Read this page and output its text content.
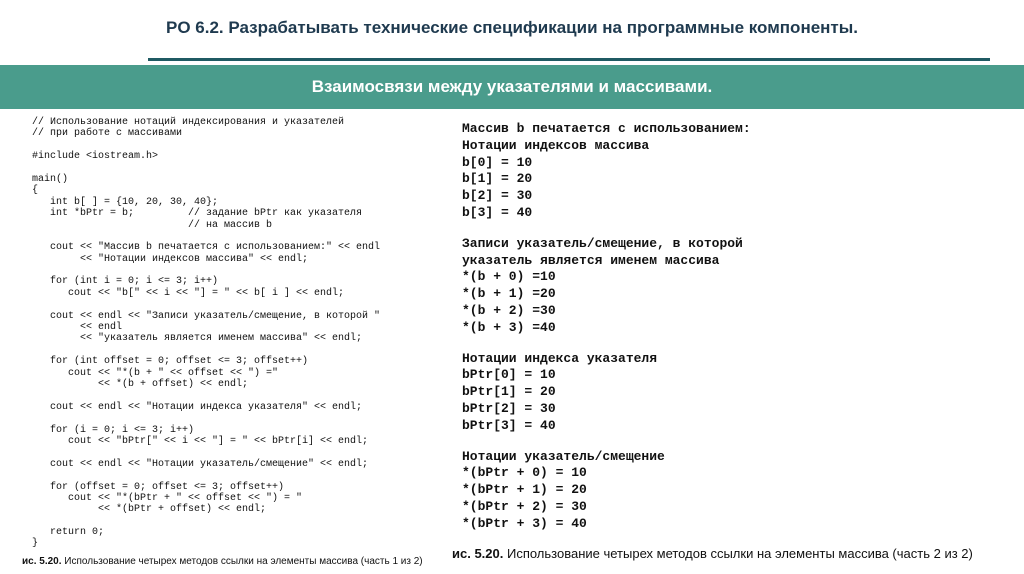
PO 6.2. Разрабатывать технические спецификации на программные компоненты.
Взаимосвязи между указателями и массивами.
// Использование нотаций индексирования и указателей
// при работе с массивами

#include <iostream.h>

main()
{
int b[ ] = {10, 20, 30, 40};
int *bPtr = b;         // задание bPtr как указателя
// на массив b

cout << "Массив b печатается с использованием:" << endl
<< "Нотации индексов массива" << endl;

for (int i = 0; i <= 3; i++)
cout << "b[" << i << "] = " << b[ i ] << endl;

cout << endl << "Записи указатель/смещение, в которой "
<< endl
<< "указатель является именем массива" << endl;

for (int offset = 0; offset <= 3; offset++)
cout << "*(b + " << offset << ") ="
<< *(b + offset) << endl;

cout << endl << "Нотации индекса указателя" << endl;

for (i = 0; i <= 3; i++)
cout << "bPtr[" << i << "] = " << bPtr[i] << endl;

cout << endl << "Нотации указатель/смещение" << endl;

for (offset = 0; offset <= 3; offset++)
cout << "*(bPtr + " << offset << ") = "
<< *(bPtr + offset) << endl;

return 0;
}
Массив b печатается с использованием:
Нотации индексов массива
b[0] = 10
b[1] = 20
b[2] = 30
b[3] = 40
Записи указатель/смещение, в которой
указатель является именем массива
*(b + 0) =10
*(b + 1) =20
*(b + 2) =30
*(b + 3) =40
Нотации индекса указателя
bPtr[0] = 10
bPtr[1] = 20
bPtr[2] = 30
bPtr[3] = 40
Нотации указатель/смещение
*(bPtr + 0) = 10
*(bPtr + 1) = 20
*(bPtr + 2) = 30
*(bPtr + 3) = 40
ис. 5.20. Использование четырех методов ссылки на элементы массива (часть 1 из 2)
ис. 5.20. Использование четырех методов ссылки на элементы массива (часть 2 из 2)
